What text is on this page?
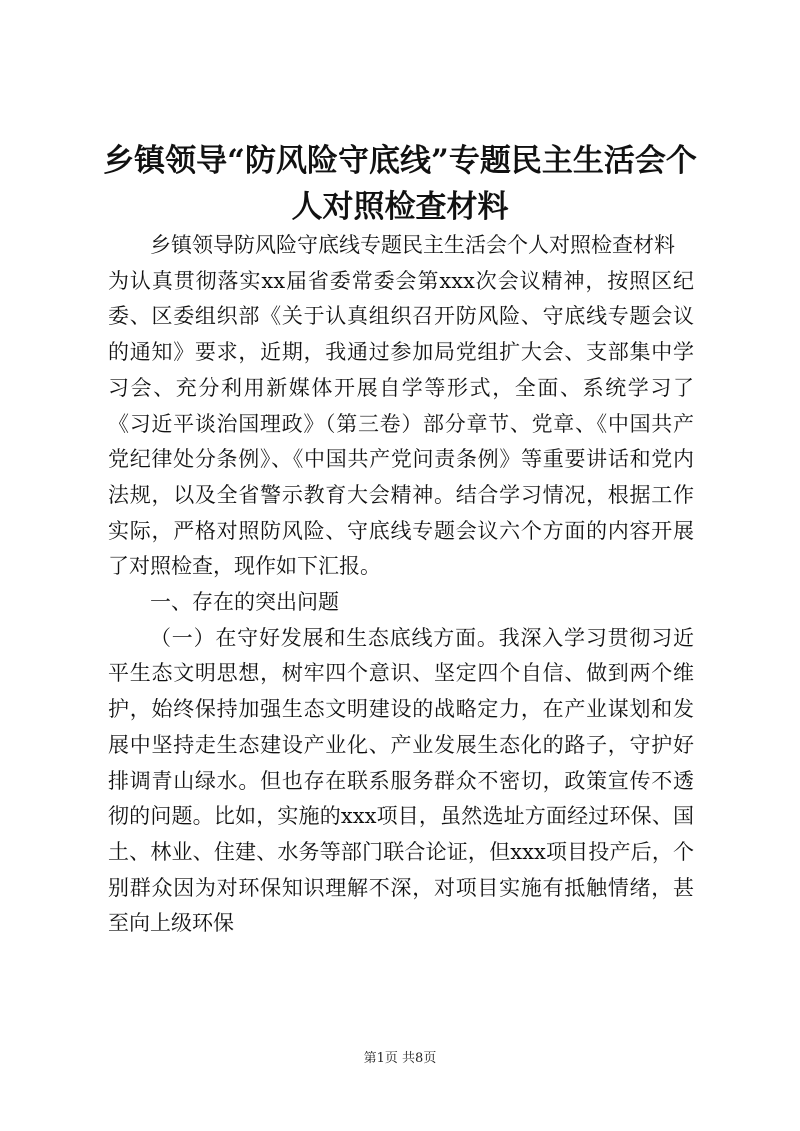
乡镇领导“防风险守底线”专题民主生活会个人对照检查材料

乡镇领导防风险守底线专题民主生活会个人对照检查材料

为认真贯彻落实xx届省委常委会第xxx次会议精神，按照区纪委、区委组织部《关于认真组织召开防风险、守底线专题会议的通知》要求，近期，我通过参加局党组扩大会、支部集中学习会、充分利用新媒体开展自学等形式，全面、系统学习了《习近平谈治国理政》（第三卷）部分章节、党章、《中国共产党纪律处分条例》、《中国共产党问责条例》等重要讲话和党内法规，以及全省警示教育大会精神。结合学习情况，根据工作实际，严格对照防风险、守底线专题会议六个方面的内容开展了对照检查，现作如下汇报。

一、存在的突出问题

（一）在守好发展和生态底线方面。我深入学习贯彻习近平生态文明思想，树牢四个意识、坚定四个自信、做到两个维护，始终保持加强生态文明建设的战略定力，在产业谋划和发展中坚持走生态建设产业化、产业发展生态化的路子，守护好排调青山绿水。但也存在联系服务群众不密切，政策宣传不透彻的问题。比如，实施的xxx项目，虽然选址方面经过环保、国土、林业、住建、水务等部门联合论证，但xxx项目投产后，个别群众因为对环保知识理解不深，对项目实施有抵触情绪，甚至向上级环保

第1页 共8页
